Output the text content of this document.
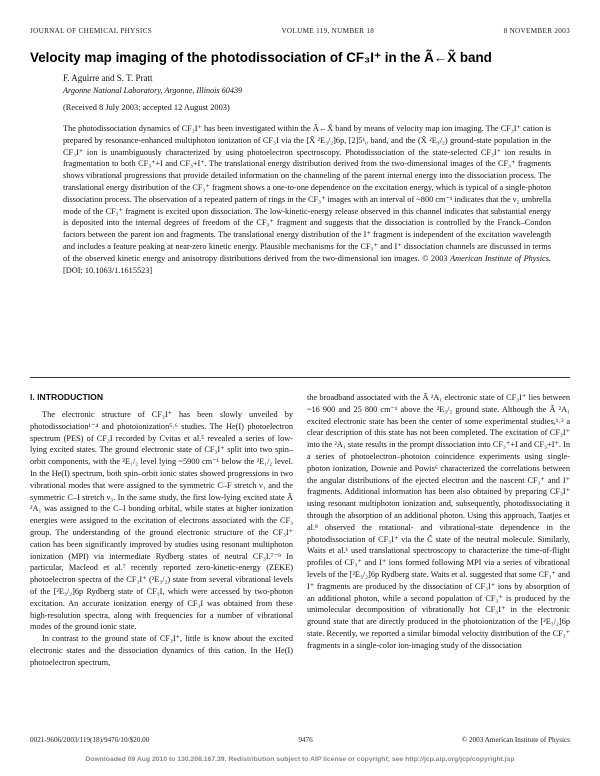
JOURNAL OF CHEMICAL PHYSICS	VOLUME 119, NUMBER 18	8 NOVEMBER 2003
Velocity map imaging of the photodissociation of CF₃I⁺ in the Ã←X̃ band
F. Aguirre and S. T. Pratt
Argonne National Laboratory, Argonne, Illinois 60439
(Received 8 July 2003; accepted 12 August 2003)
The photodissociation dynamics of CF₃I⁺ has been investigated within the Ã←X̃ band by means of velocity map ion imaging. The CF₃I⁺ cation is prepared by resonance-enhanced multiphoton ionization of CF₃I via the [X̃ ²E₃/₂]6p, [2]5¹₀ band, and the (X̃ ²E₃/₂) ground-state population in the CF₃I⁺ ion is unambiguously characterized by using photoelectron spectroscopy. Photodissociation of the state-selected CF₃I⁺ ion results in fragmentation to both CF₃⁺+I and CF₃+I⁺. The translational energy distribution derived from the two-dimensional images of the CF₃⁺ fragments shows vibrational progressions that provide detailed information on the channeling of the parent internal energy into the dissociation process. The translational energy distribution of the CF₃⁺ fragment shows a one-to-one dependence on the excitation energy, which is typical of a single-photon dissociation process. The observation of a repeated pattern of rings in the CF₃⁺ images with an interval of ~800 cm⁻¹ indicates that the ν₂ umbrella mode of the CF₃⁺ fragment is excited upon dissociation. The low-kinetic-energy release observed in this channel indicates that substantial energy is deposited into the internal degrees of freedom of the CF₃⁺ fragment and suggests that the dissociation is controlled by the Franck–Condon factors between the parent ion and fragments. The translational energy distribution of the I⁺ fragment is independent of the excitation wavelength and includes a feature peaking at near-zero kinetic energy. Plausible mechanisms for the CF₃⁺ and I⁺ dissociation channels are discussed in terms of the observed kinetic energy and anisotropy distributions derived from the two-dimensional ion images. © 2003 American Institute of Physics. [DOI: 10.1063/1.1615523]
I. INTRODUCTION

The electronic structure of CF₃I⁺ has been slowly unveiled by photodissociation¹⁻⁴ and photoionization⁵˒⁶ studies. The He(I) photoelectron spectrum (PES) of CF₃I recorded by Cvitas et al.⁵ revealed a series of low-lying excited states. The ground electronic state of CF₃I⁺ split into two spin–orbit components, with the ²E₁/₂ level lying ~5900 cm⁻¹ below the ²E₁/₂ level. In the He(I) spectrum, both spin–orbit ionic states showed progressions in two vibrational modes that were assigned to the symmetric C–F stretch ν₁ and the symmetric C–I stretch ν₃. In the same study, the first low-lying excited state Ã ²A₁ was assigned to the C–I bonding orbital, while states at higher ionization energies were assigned to the excitation of electrons associated with the CF₃ group. The understanding of the ground electronic structure of the CF₃I⁺ cation has been significantly improved by studies using resonant multiphoton ionization (MPI) via intermediate Rydberg states of neutral CF₃I.⁷⁻⁹ In particular, Macleod et al.⁷ recently reported zero-kinetic-energy (ZEKE) photoelectron spectra of the CF₃I⁺ (²E₃/₂) state from several vibrational levels of the [²E₃/₂]6p Rydberg state of CF₃I, which were accessed by two-photon excitation. An accurate ionization energy of CF₃I was obtained from these high-resolution spectra, along with frequencies for a number of vibrational modes of the ground ionic state.

In contrast to the ground state of CF₃I⁺, little is know about the excited electronic states and the dissociation dynamics of this cation. In the He(I) photoelectron spectrum,

the broadband associated with the Ã ²A₁ electronic state of CF₃I⁺ lies between ~16 900 and 25 800 cm⁻¹ above the ²E₃/₂ ground state. Although the Ã ²A₁ excited electronic state has been the center of some experimental studies,¹˒² a clear description of this state has not been completed. The excitation of CF₃I⁺ into the ²A₁ state results in the prompt dissociation into CF₃⁺+I and CF₃+I⁺. In a series of photoelectron–photoion coincidence experiments using single-photon ionization, Downie and Powis⁶ characterized the correlations between the angular distributions of the ejected electron and the nascent CF₃⁺ and I⁺ fragments. Additional information has been also obtained by preparing CF₃I⁺ using resonant multiphoton ionization and, subsequently, photodissociating it through the absorption of an additional photon. Using this approach, Taatjes et al.⁸ observed the rotational- and vibrational-state dependence in the photodissociation of CF₃I⁺ via the C̃ state of the neutral molecule. Similarly, Waits et al.¹ used translational spectroscopy to characterize the time-of-flight profiles of CF₃⁺ and I⁺ ions formed following MPI via a series of vibrational levels of the [²E₃/₂]6p Rydberg state. Waits et al. suggested that some CF₃⁺ and I⁺ fragments are produced by the dissociation of CF₃I⁺ ions by absorption of an additional photon, while a second population of CF₃⁺ is produced by the unimolecular decomposition of vibrationally hot CF₃I⁺ in the electronic ground state that are directly produced in the photoionization of the [²E₃/₂]6p state. Recently, we reported a similar bimodal velocity distribution of the CF₃⁺ fragments in a single-color ion-imaging study of the dissociation

0021-9606/2003/119(18)/9476/10/$20.00	9476	© 2003 American Institute of Physics
Downloaded 09 Aug 2010 to 130.208.167.39. Redistribution subject to AIP license or copyright; see http://jcp.aip.org/jcp/copyright.jsp
